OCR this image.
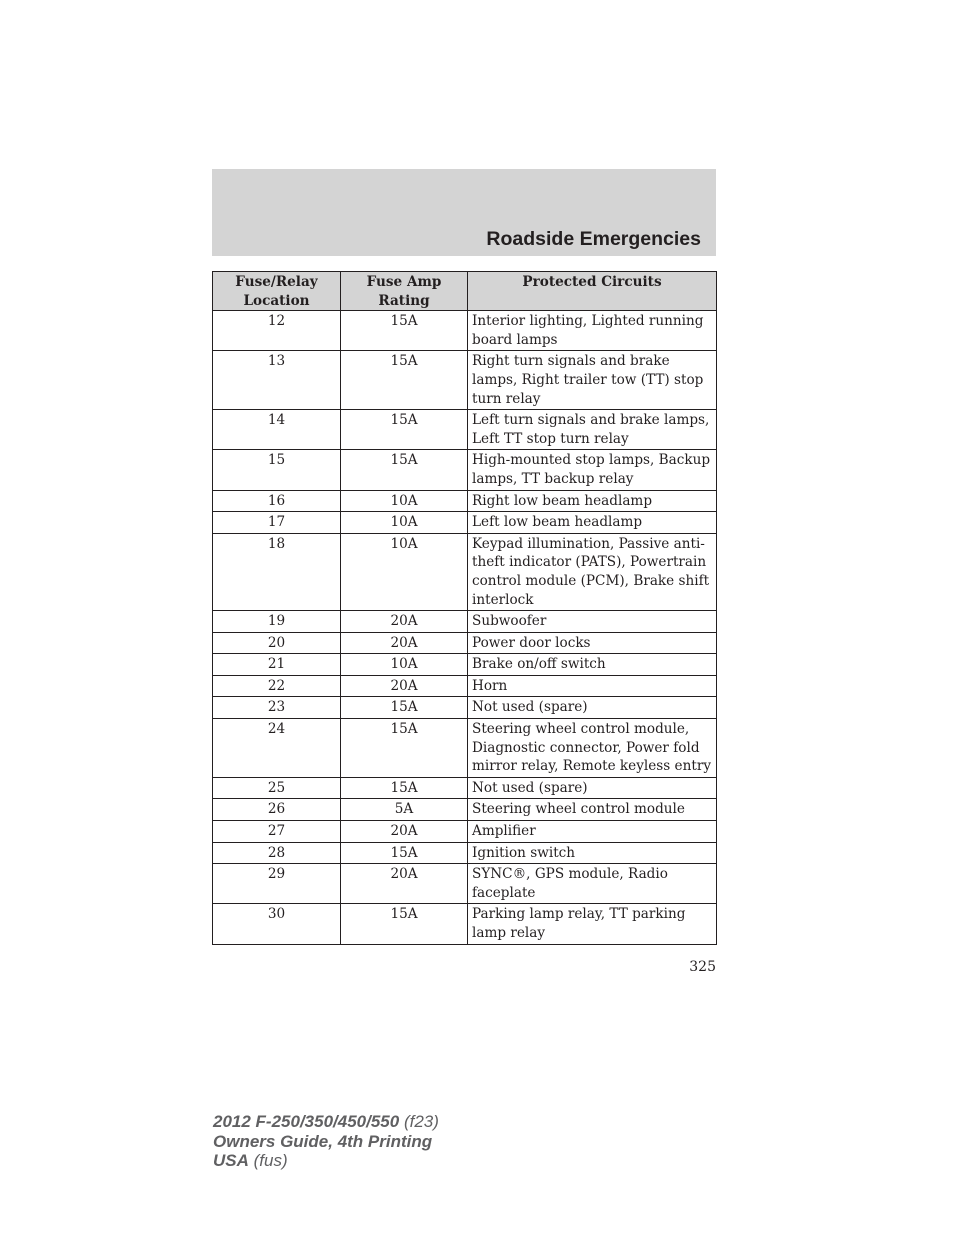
Roadside Emergencies
Fuse/Relay Location	Fuse Amp Rating	Protected Circuits
12	15A	Interior lighting, Lighted running board lamps
13	15A	Right turn signals and brake lamps, Right trailer tow (TT) stop turn relay
14	15A	Left turn signals and brake lamps, Left TT stop turn relay
15	15A	High-mounted stop lamps, Backup lamps, TT backup relay
16	10A	Right low beam headlamp
17	10A	Left low beam headlamp
18	10A	Keypad illumination, Passive anti-theft indicator (PATS), Powertrain control module (PCM), Brake shift interlock
19	20A	Subwoofer
20	20A	Power door locks
21	10A	Brake on/off switch
22	20A	Horn
23	15A	Not used (spare)
24	15A	Steering wheel control module, Diagnostic connector, Power fold mirror relay, Remote keyless entry
25	15A	Not used (spare)
26	5A	Steering wheel control module
27	20A	Amplifier
28	15A	Ignition switch
29	20A	SYNC®, GPS module, Radio faceplate
30	15A	Parking lamp relay, TT parking lamp relay
325
2012 F-250/350/450/550 (f23)
Owners Guide, 4th Printing
USA (fus)
